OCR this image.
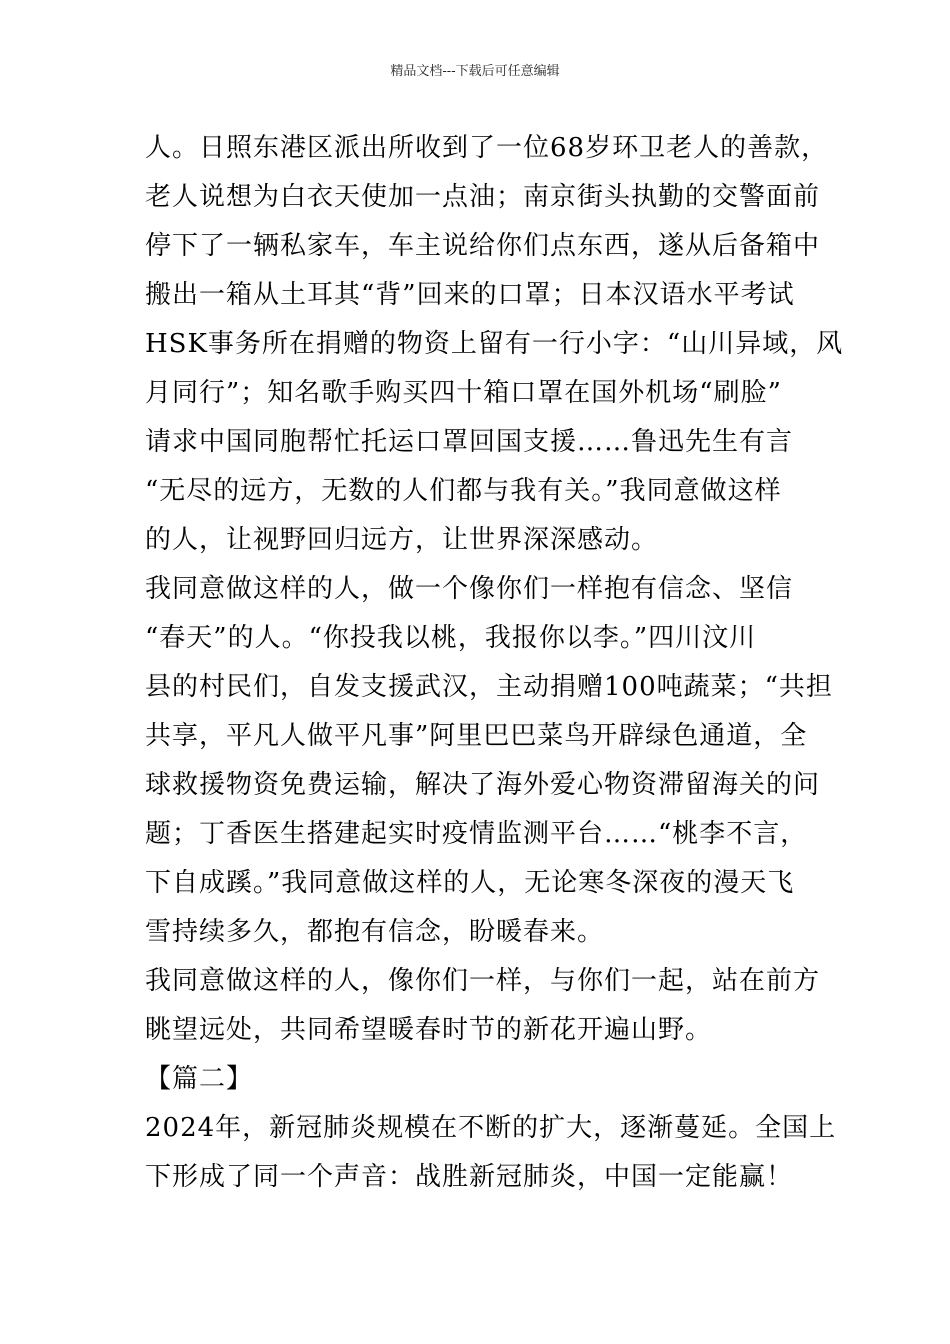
精品文档---下载后可任意编辑

人。日照东港区派出所收到了一位68岁环卫老人的善款，
老人说想为白衣天使加一点油；南京街头执勤的交警面前
停下了一辆私家车，车主说给你们点东西，遂从后备箱中
搬出一箱从土耳其“背”回来的口罩；日本汉语水平考试
HSK事务所在捐赠的物资上留有一行小字：“山川异域，风
月同行”；知名歌手购买四十箱口罩在国外机场“刷脸”
请求中国同胞帮忙托运口罩回国支援……鲁迅先生有言
“无尽的远方，无数的人们都与我有关。”我同意做这样
的人，让视野回归远方，让世界深深感动。

我同意做这样的人，做一个像你们一样抱有信念、坚信
“春天”的人。“你投我以桃，我报你以李。”四川汶川
县的村民们，自发支援武汉，主动捐赠100吨蔬菜；“共担
共享，平凡人做平凡事”阿里巴巴菜鸟开辟绿色通道，全
球救援物资免费运输，解决了海外爱心物资滞留海关的问
题；丁香医生搭建起实时疫情监测平台……“桃李不言，
下自成蹊。”我同意做这样的人，无论寒冬深夜的漫天飞
雪持续多久，都抱有信念，盼暖春来。

我同意做这样的人，像你们一样，与你们一起，站在前方
眺望远处，共同希望暖春时节的新花开遍山野。

【篇二】

2024年，新冠肺炎规模在不断的扩大，逐渐蔓延。全国上
下形成了同一个声音：战胜新冠肺炎，中国一定能赢！
